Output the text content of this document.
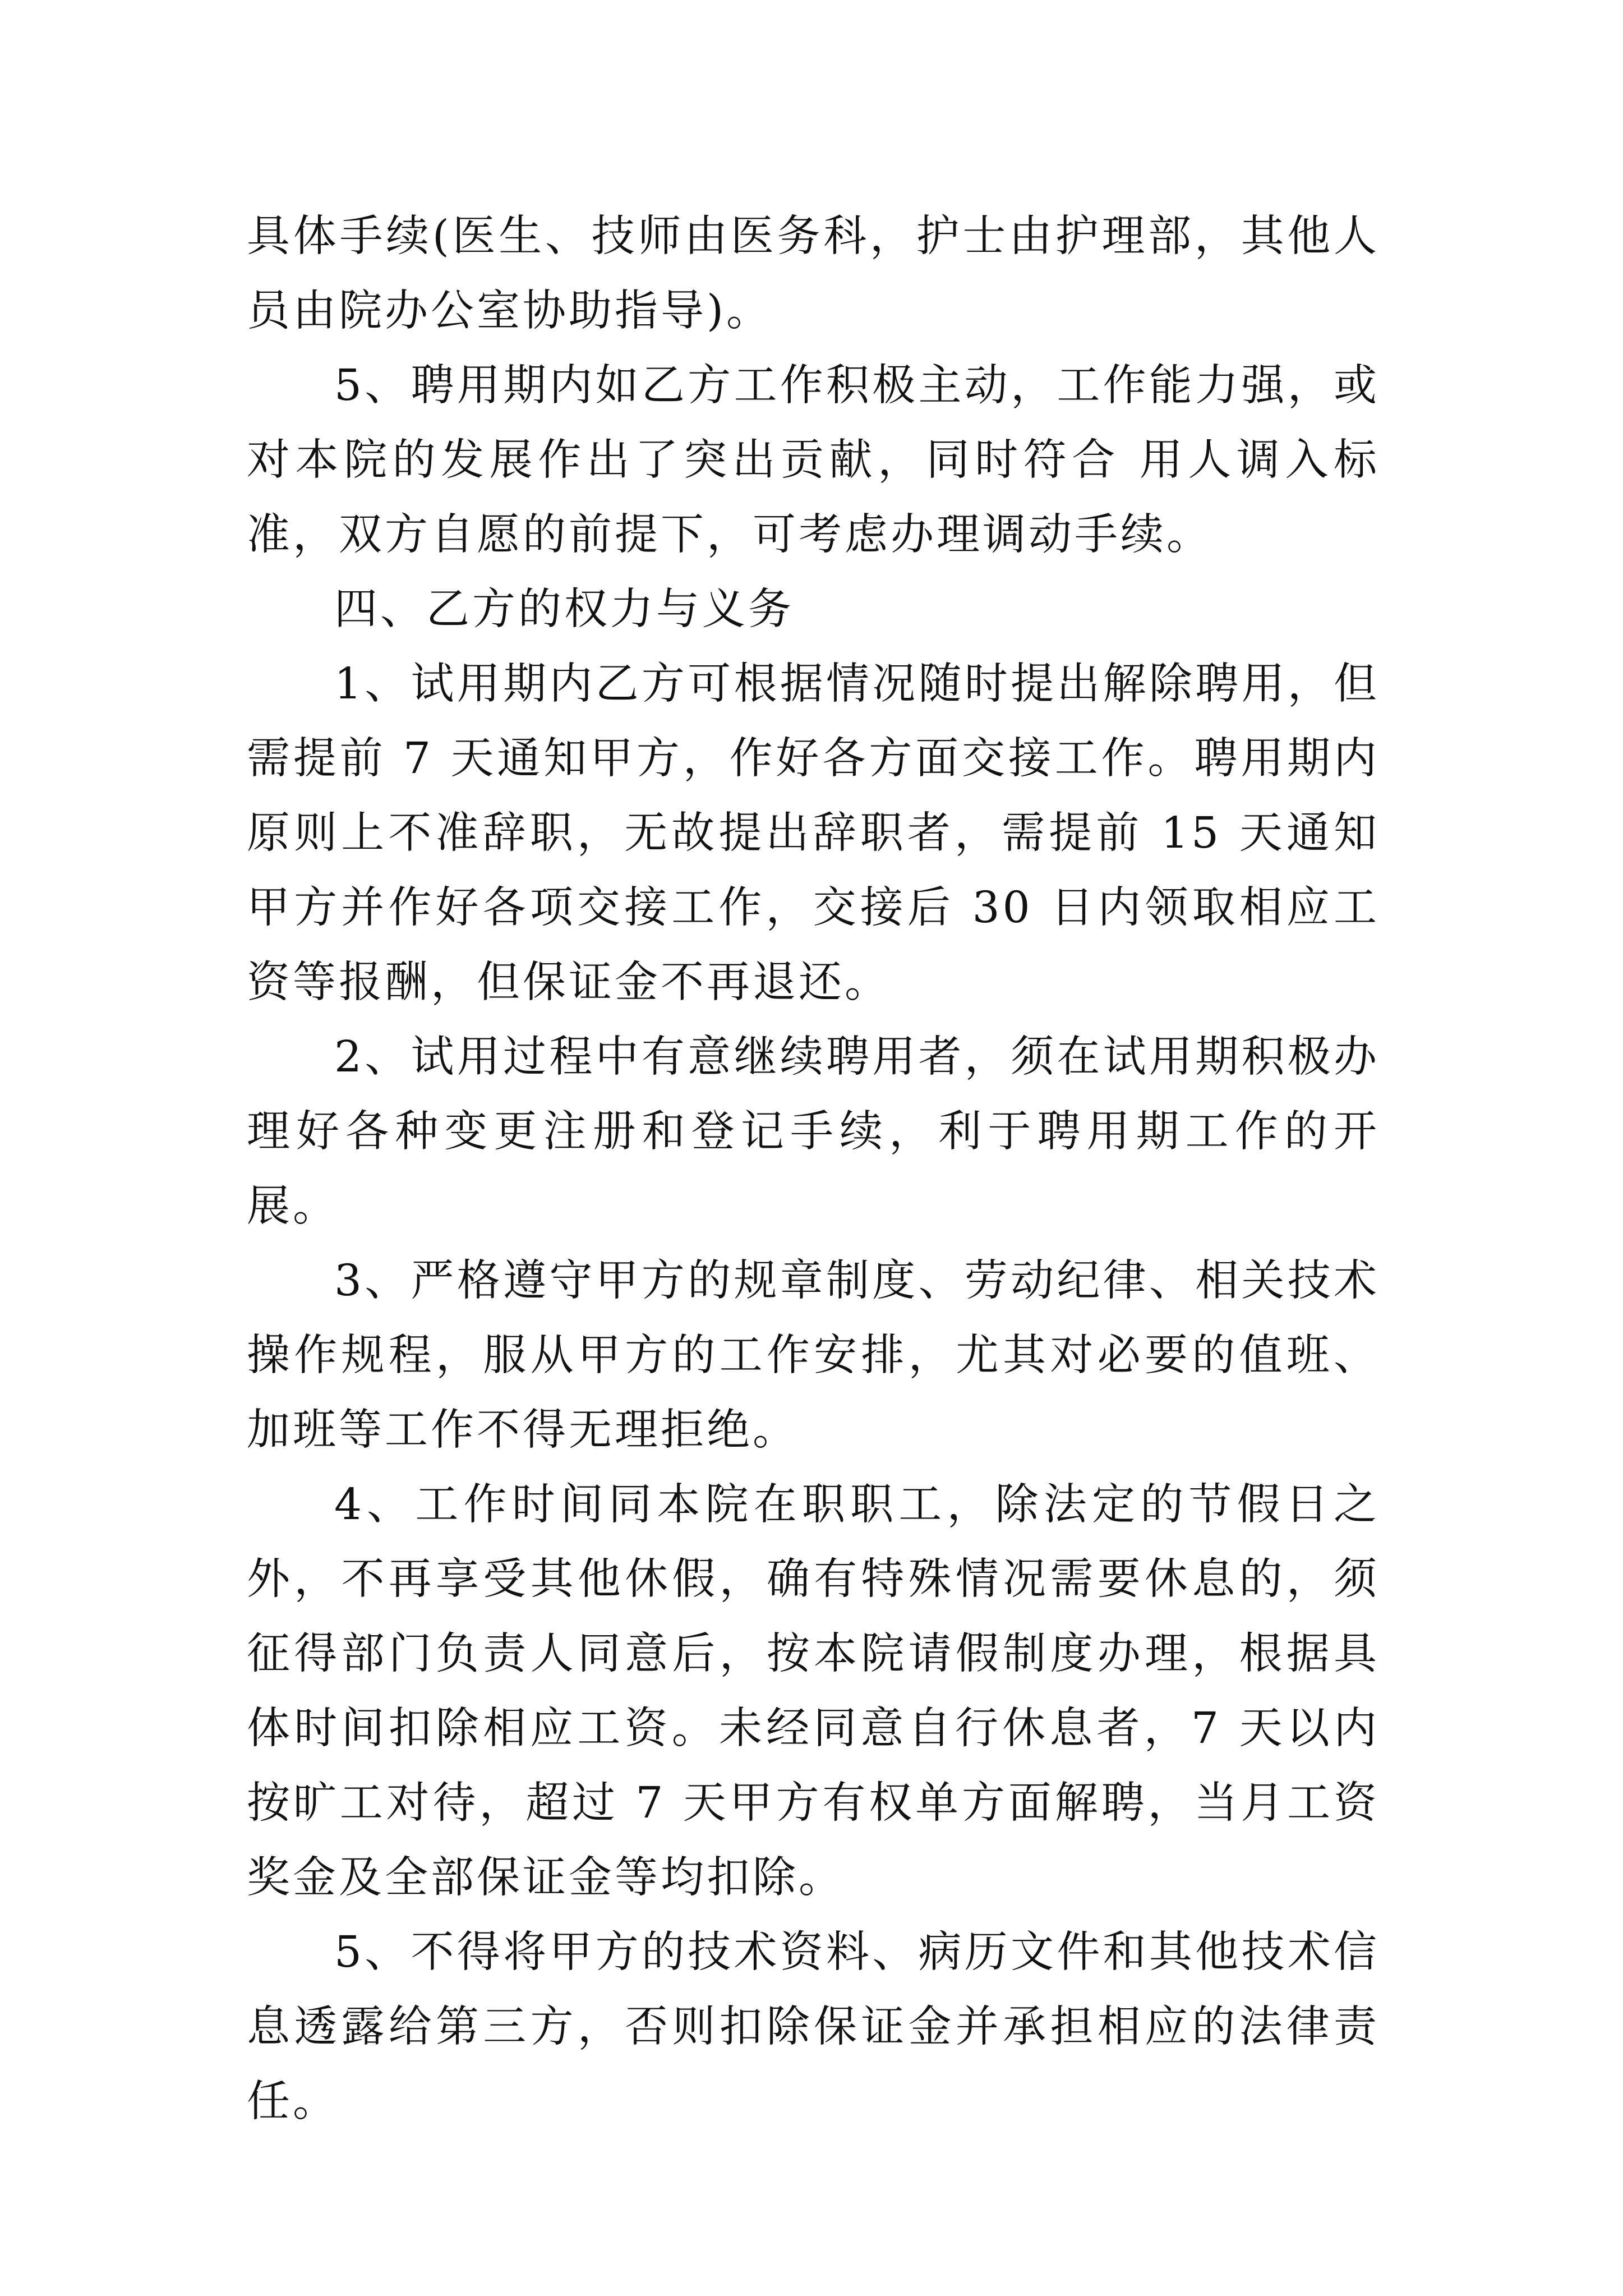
具体手续(医生、技师由医务科，护士由护理部，其他人员由院办公室协助指导)。

5、聘用期内如乙方工作积极主动，工作能力强，或对本院的发展作出了突出贡献，同时符合 用人调入标准，双方自愿的前提下，可考虑办理调动手续。

四、乙方的权力与义务

1、试用期内乙方可根据情况随时提出解除聘用，但需提前 7 天通知甲方，作好各方面交接工作。聘用期内原则上不准辞职，无故提出辞职者，需提前 15 天通知甲方并作好各项交接工作，交接后 30 日内领取相应工资等报酬，但保证金不再退还。

2、试用过程中有意继续聘用者，须在试用期积极办理好各种变更注册和登记手续，利于聘用期工作的开展。

3、严格遵守甲方的规章制度、劳动纪律、相关技术操作规程，服从甲方的工作安排，尤其对必要的值班、加班等工作不得无理拒绝。

4、工作时间同本院在职职工，除法定的节假日之外，不再享受其他休假，确有特殊情况需要休息的，须征得部门负责人同意后，按本院请假制度办理，根据具体时间扣除相应工资。未经同意自行休息者，7 天以内按旷工对待，超过 7 天甲方有权单方面解聘，当月工资奖金及全部保证金等均扣除。

5、不得将甲方的技术资料、病历文件和其他技术信息透露给第三方，否则扣除保证金并承担相应的法律责任。
